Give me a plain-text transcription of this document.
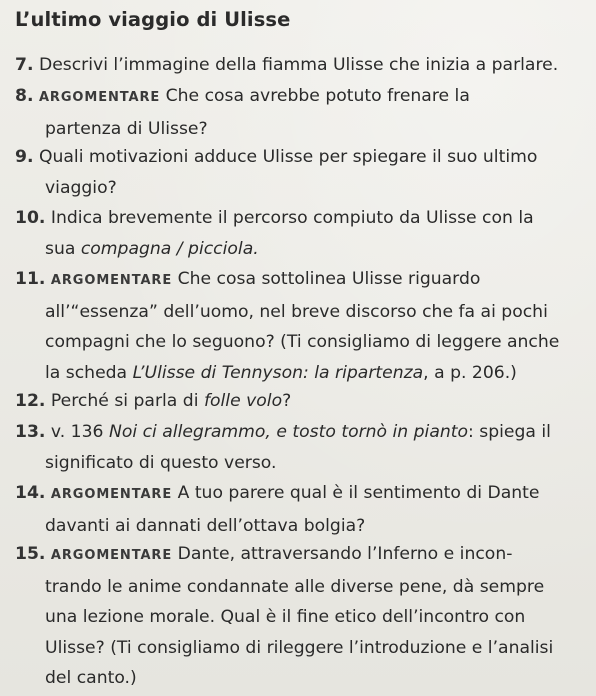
L’ultimo viaggio di Ulisse
7. Descrivi l’immagine della fiamma Ulisse che inizia a parlare.
8. ARGOMENTARE Che cosa avrebbe potuto frenare la
partenza di Ulisse?
9. Quali motivazioni adduce Ulisse per spiegare il suo ultimo
viaggio?
10. Indica brevemente il percorso compiuto da Ulisse con la
sua compagna / picciola.
11. ARGOMENTARE Che cosa sottolinea Ulisse riguardo
all’“essenza” dell’uomo, nel breve discorso che fa ai pochi
compagni che lo seguono? (Ti consigliamo di leggere anche
la scheda L’Ulisse di Tennyson: la ripartenza, a p. 206.)
12. Perché si parla di folle volo?
13. v. 136 Noi ci allegrammo, e tosto tornò in pianto: spiega il
significato di questo verso.
14. ARGOMENTARE A tuo parere qual è il sentimento di Dante
davanti ai dannati dell’ottava bolgia?
15. ARGOMENTARE Dante, attraversando l’Inferno e incon-
trando le anime condannate alle diverse pene, dà sempre
una lezione morale. Qual è il fine etico dell’incontro con
Ulisse? (Ti consigliamo di rileggere l’introduzione e l’analisi
del canto.)
